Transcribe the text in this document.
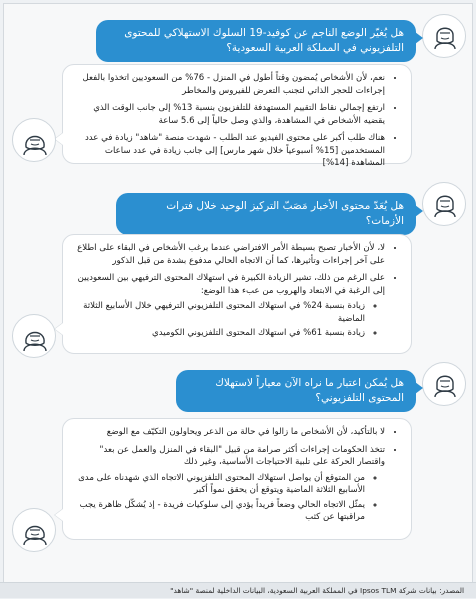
هل يُغيّر الوضع الناجم عن كوفيد-19 السلوك الاستهلاكي للمحتوى التلفزيوني في المملكة العربية السعودية؟
• نعم، لأن الأشخاص يُمضون وقتاً أطول في المنزل - 76% من السعوديين اتخذوا بالفعل إجراءات للحجر الذاتي لتجنب التعرض للفيروس والمخاطر
• ارتفع إجمالي نقاط التقييم المستهدفة للتلفزيون بنسبة 13% إلى جانب الوقت الذي يقضيه الأشخاص في المشاهدة، والذي وصل حالياً إلى 5.6 ساعة
• هناك طلب أكبر على محتوى الفيديو عند الطلب - شهدت منصة "شاهد" زيادة في عدد المستخدمين [15% أسبوعياً خلال شهر مارس] إلى جانب زيادة في عدد ساعات المشاهدة [14%]
هل يُعَدّ محتوى الأخبار مَصَبّ التركيز الوحيد خلال فترات الأزمات؟
• لا، لأن الأخبار تصبح بسيطة الأمر الافتراضي عندما يرغب الأشخاص في البقاء على اطلاع على آخر إجراءات وتأثيرها، كما أن الاتجاه الحالي مدفوع بشدة من قبل الذكور
• على الرغم من ذلك، تشير الزيادة الكبيرة في استهلاك المحتوى الترفيهي بين السعوديين إلى الرغبة في الابتعاد والهروب من عبء هذا الوضع:
◦ زيادة بنسبة 24% في استهلاك المحتوى التلفزيوني الترفيهي خلال الأسابيع الثلاثة الماضية
◦ زيادة بنسبة 61% في استهلاك المحتوى التلفزيوني الكوميدي
هل يُمكن اعتبار ما نراه الآن معياراً لاستهلاك المحتوى التلفزيوني؟
• لا بالتأكيد، لأن الأشخاص ما زالوا في حالة من الذعر ويحاولون التكيّف مع الوضع
• تتخذ الحكومات إجراءات أكثر صرامة من قبيل "البقاء في المنزل والعمل عن بعد" واقتصار الحركة على تلبية الاحتياجات الأساسية، وغير ذلك
◦ من المتوقع أن يواصل استهلاك المحتوى التلفزيوني الاتجاه الذي شهدناه على مدى الأسابيع الثلاثة الماضية ويتوقع أن يحقق نمواً أكبر
◦ يمثّل الاتجاه الحالي وضعاً فريداً يؤدي إلى سلوكيات فريدة - إذ يُشكّل ظاهرة يجب مراقبتها عن كثب
المصدر: بيانات شركة Ipsos TLM في المملكة العربية السعودية، البيانات الداخلية لمنصة "شاهد"
